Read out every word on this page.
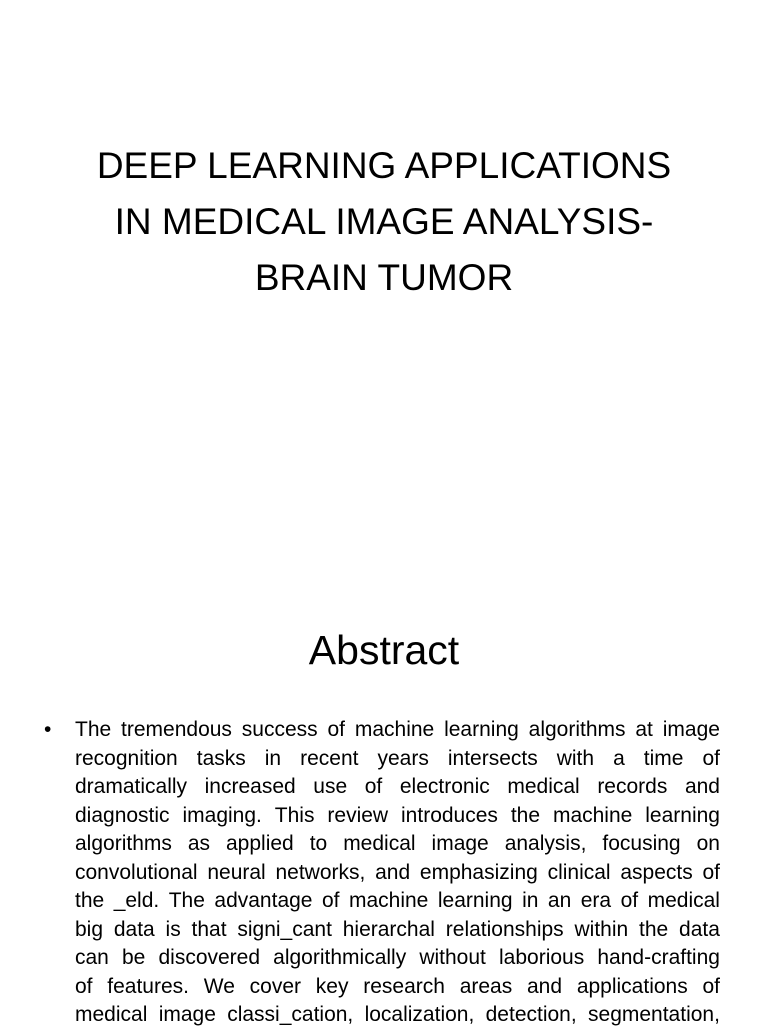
DEEP LEARNING APPLICATIONS
IN MEDICAL IMAGE ANALYSIS-
BRAIN TUMOR
Abstract
• The tremendous success of machine learning algorithms at image
recognition tasks in recent years intersects with a time of
dramatically increased use of electronic medical records and
diagnostic imaging. This review introduces the machine learning
algorithms as applied to medical image analysis, focusing on
convolutional neural networks, and emphasizing clinical aspects of
the _eld. The advantage of machine learning in an era of medical
big data is that signi_cant hierarchal relationships within the data
can be discovered algorithmically without laborious hand-crafting
of features. We cover key research areas and applications of
medical image classi_cation, localization, detection, segmentation,
